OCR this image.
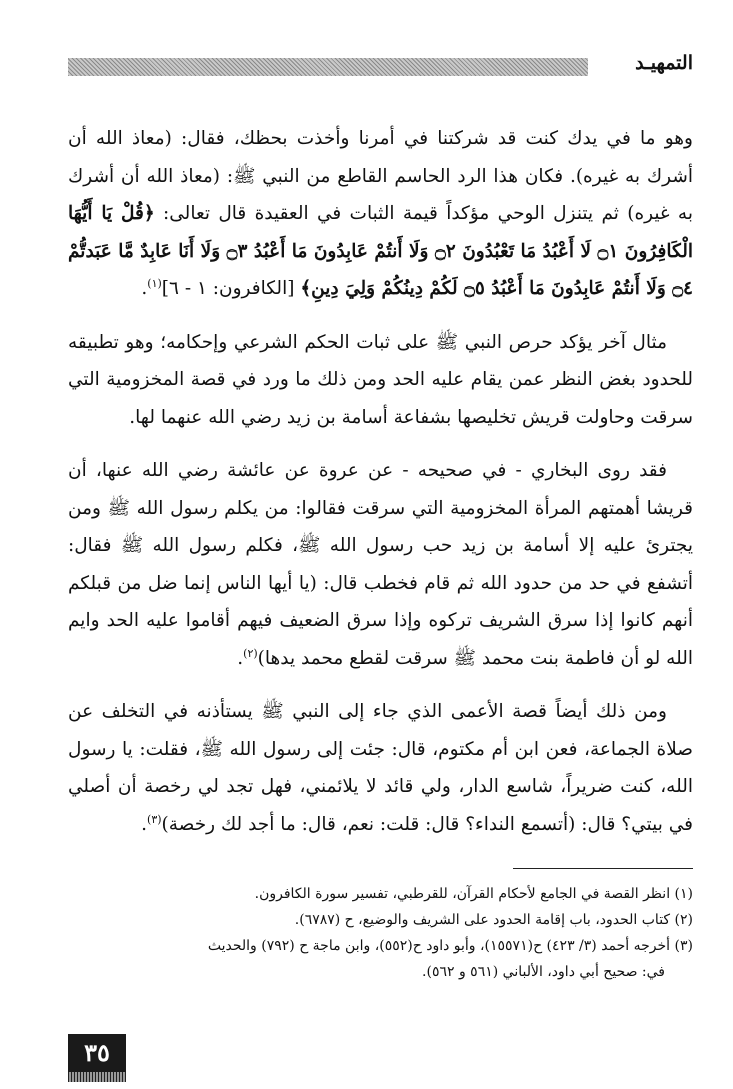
التمهيـد

وهو ما في يدك كنت قد شركتنا في أمرنا وأخذت بحظك، فقال: (معاذ الله أن أشرك به غيره). فكان هذا الرد الحاسم القاطع من النبي ﷺ: (معاذ الله أن أشرك به غيره) ثم يتنزل الوحي مؤكداً قيمة الثبات في العقيدة قال تعالى: ﴿قُلْ يَا أَيُّهَا الْكَافِرُونَ ۝١ لَا أَعْبُدُ مَا تَعْبُدُونَ ۝٢ وَلَا أَنتُمْ عَابِدُونَ مَا أَعْبُدُ ۝٣ وَلَا أَنَا عَابِدٌ مَّا عَبَدتُّمْ ۝٤ وَلَا أَنتُمْ عَابِدُونَ مَا أَعْبُدُ ۝٥ لَكُمْ دِينُكُمْ وَلِيَ دِينِ﴾ [الكافرون: ١ - ٦]$^{(١)}$.

مثال آخر يؤكد حرص النبي ﷺ على ثبات الحكم الشرعي وإحكامه؛ وهو تطبيقه للحدود بغض النظر عمن يقام عليه الحد ومن ذلك ما ورد في قصة المخزومية التي سرقت وحاولت قريش تخليصها بشفاعة أسامة بن زيد رضي الله عنهما لها.

فقد روى البخاري - في صحيحه - عن عروة عن عائشة رضي الله عنها، أن قريشا أهمتهم المرأة المخزومية التي سرقت فقالوا: من يكلم رسول الله ﷺ ومن يجترئ عليه إلا أسامة بن زيد حب رسول الله ﷺ، فكلم رسول الله ﷺ فقال: أتشفع في حد من حدود الله ثم قام فخطب قال: (يا أيها الناس إنما ضل من قبلكم أنهم كانوا إذا سرق الشريف تركوه وإذا سرق الضعيف فيهم أقاموا عليه الحد وايم الله لو أن فاطمة بنت محمد ﷺ سرقت لقطع محمد يدها)$^{(٢)}$.

ومن ذلك أيضاً قصة الأعمى الذي جاء إلى النبي ﷺ يستأذنه في التخلف عن صلاة الجماعة، فعن ابن أم مكتوم، قال: جئت إلى رسول الله ﷺ، فقلت: يا رسول الله، كنت ضريراً، شاسع الدار، ولي قائد لا يلائمني، فهل تجد لي رخصة أن أصلي في بيتي؟ قال: (أتسمع النداء؟ قال: قلت: نعم، قال: ما أجد لك رخصة)$^{(٣)}$.

(١) انظر القصة في الجامع لأحكام القرآن، للقرطبي، تفسير سورة الكافرون.

(٢) كتاب الحدود، باب إقامة الحدود على الشريف والوضيع، ح (٦٧٨٧).

(٣) أخرجه أحمد (٣/ ٤٢٣) ح(١٥٥٧١)، وأبو داود ح(٥٥٢)، وابن ماجة ح (٧٩٢) والحديث

في: صحيح أبي داود، الألباني (٥٦١ و ٥٦٢).

٣٥
